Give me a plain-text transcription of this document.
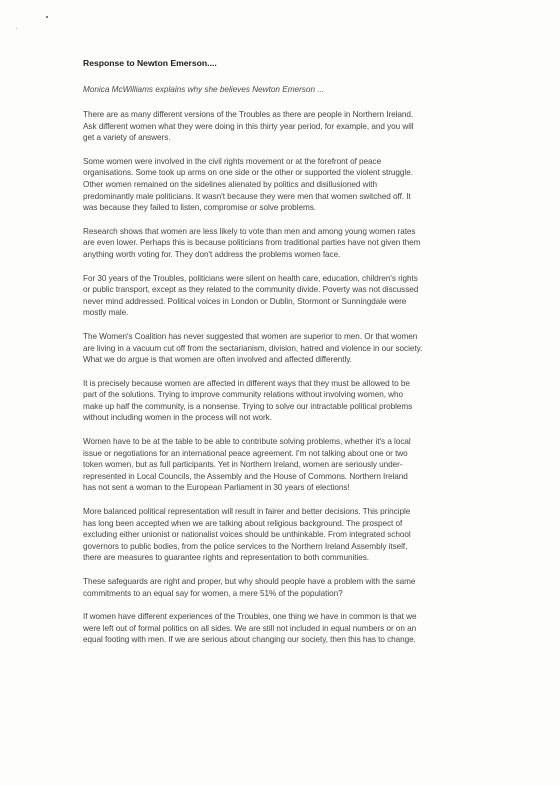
Response to Newton Emerson....
Monica McWilliams explains why she believes Newton Emerson ...
There are as many different versions of the Troubles as there are people in Northern Ireland.
Ask different women what they were doing in this thirty year period, for example, and you will
get a variety of answers.
Some women were involved in the civil rights movement or at the forefront of peace
organisations. Some took up arms on one side or the other or supported the violent struggle.
Other women remained on the sidelines alienated by politics and disillusioned with
predominantly male politicians. It wasn't because they were men that women switched off. It
was because they failed to listen, compromise or solve problems.
Research shows that women are less likely to vote than men and among young women rates
are even lower. Perhaps this is because politicians from traditional parties have not given them
anything worth voting for. They don't address the problems women face.
For 30 years of the Troubles, politicians were silent on health care, education, children's rights
or public transport, except as they related to the community divide. Poverty was not discussed
never mind addressed. Political voices in London or Dublin, Stormont or Sunningdale were
mostly male.
The Women's Coalition has never suggested that women are superior to men. Or that women
are living in a vacuum cut off from the sectarianism, division, hatred and violence in our society.
What we do argue is that women are often involved and affected differently.
It is precisely because women are affected in different ways that they must be allowed to be
part of the solutions. Trying to improve community relations without involving women, who
make up half the community, is a nonsense. Trying to solve our intractable political problems
without including women in the process will not work.
Women have to be at the table to be able to contribute solving problems, whether it's a local
issue or negotiations for an international peace agreement. I'm not talking about one or two
token women, but as full participants. Yet in Northern Ireland, women are seriously under-
represented in Local Councils, the Assembly and the House of Commons. Northern Ireland
has not sent a woman to the European Parliament in 30 years of elections!
More balanced political representation will result in fairer and better decisions. This principle
has long been accepted when we are talking about religious background. The prospect of
excluding either unionist or nationalist voices should be unthinkable. From integrated school
governors to public bodies, from the police services to the Northern Ireland Assembly itself,
there are measures to guarantee rights and representation to both communities.
These safeguards are right and proper, but why should people have a problem with the same
commitments to an equal say for women, a mere 51% of the population?
If women have different experiences of the Troubles, one thing we have in common is that we
were left out of formal politics on all sides. We are still not included in equal numbers or on an
equal footing with men. If we are serious about changing our society, then this has to change.
